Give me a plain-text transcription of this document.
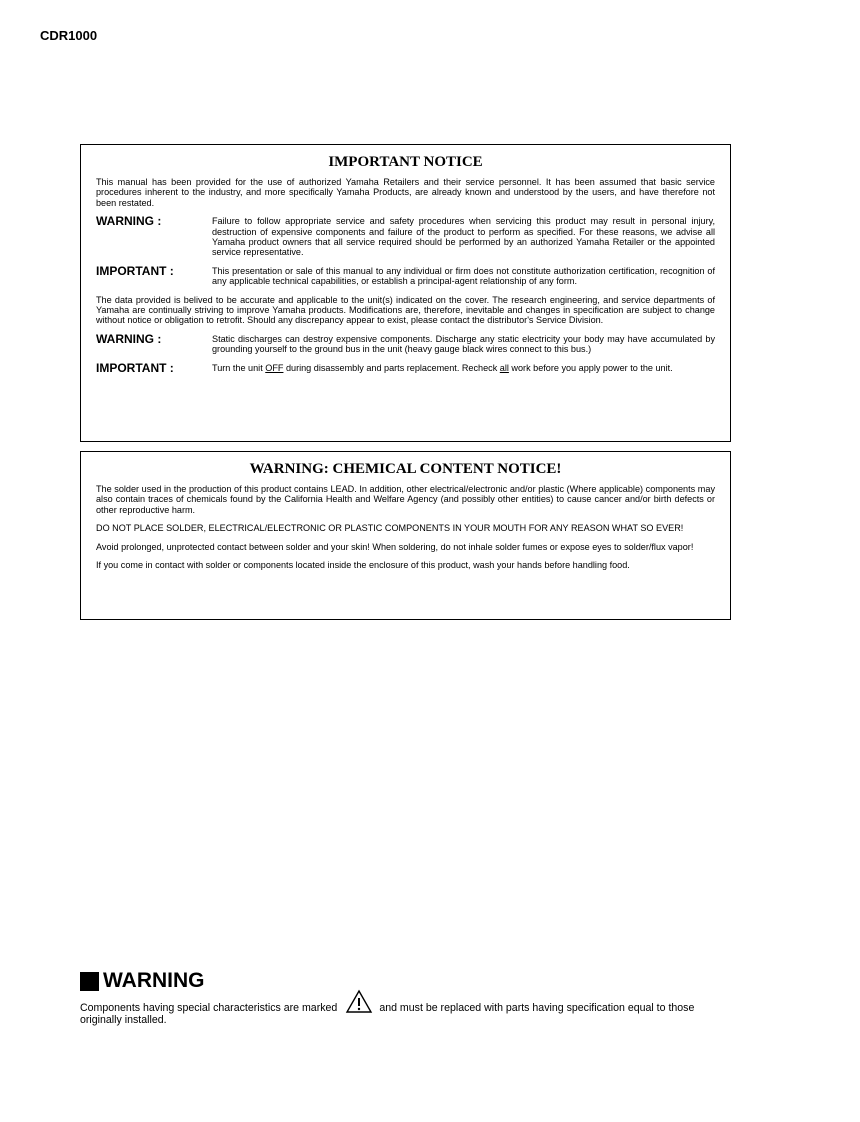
CDR1000
IMPORTANT NOTICE
This manual has been provided for the use of authorized Yamaha Retailers and their service personnel. It has been assumed that basic service procedures inherent to the industry, and more specifically Yamaha Products, are already known and understood by the users, and have therefore not been restated.
WARNING :	Failure to follow appropriate service and safety procedures when servicing this product may result in personal injury, destruction of expensive components and failure of the product to perform as specified. For these reasons, we advise all Yamaha product owners that all service required should be performed by an authorized Yamaha Retailer or the appointed service representative.
IMPORTANT :	This presentation or sale of this manual to any individual or firm does not constitute authorization certification, recognition of any applicable technical capabilities, or establish a principal-agent relationship of any form.
The data provided is belived to be accurate and applicable to the unit(s) indicated on the cover. The research engineering, and service departments of Yamaha are continually striving to improve Yamaha products. Modifications are, therefore, inevitable and changes in specification are subject to change without notice or obligation to retrofit. Should any discrepancy appear to exist, please contact the distributor's Service Division.
WARNING :	Static discharges can destroy expensive components. Discharge any static electricity your body may have accumulated by grounding yourself to the ground bus in the unit (heavy gauge black wires connect to this bus.)
IMPORTANT :	Turn the unit OFF during disassembly and parts replacement. Recheck all work before you apply power to the unit.
WARNING: CHEMICAL CONTENT NOTICE!
The solder used in the production of this product contains LEAD. In addition, other electrical/electronic and/or plastic (Where applicable) components may also contain traces of chemicals found by the California Health and Welfare Agency (and possibly other entities) to cause cancer and/or birth defects or other reproductive harm.
DO NOT PLACE SOLDER, ELECTRICAL/ELECTRONIC OR PLASTIC COMPONENTS IN YOUR MOUTH FOR ANY REASON WHAT SO EVER!
Avoid prolonged, unprotected contact between solder and your skin! When soldering, do not inhale solder fumes or expose eyes to solder/flux vapor!
If you come in contact with solder or components located inside the enclosure of this product, wash your hands before handling food.
WARNING
Components having special characteristics are marked	and must be replaced with parts having specification equal to those
originally installed.
